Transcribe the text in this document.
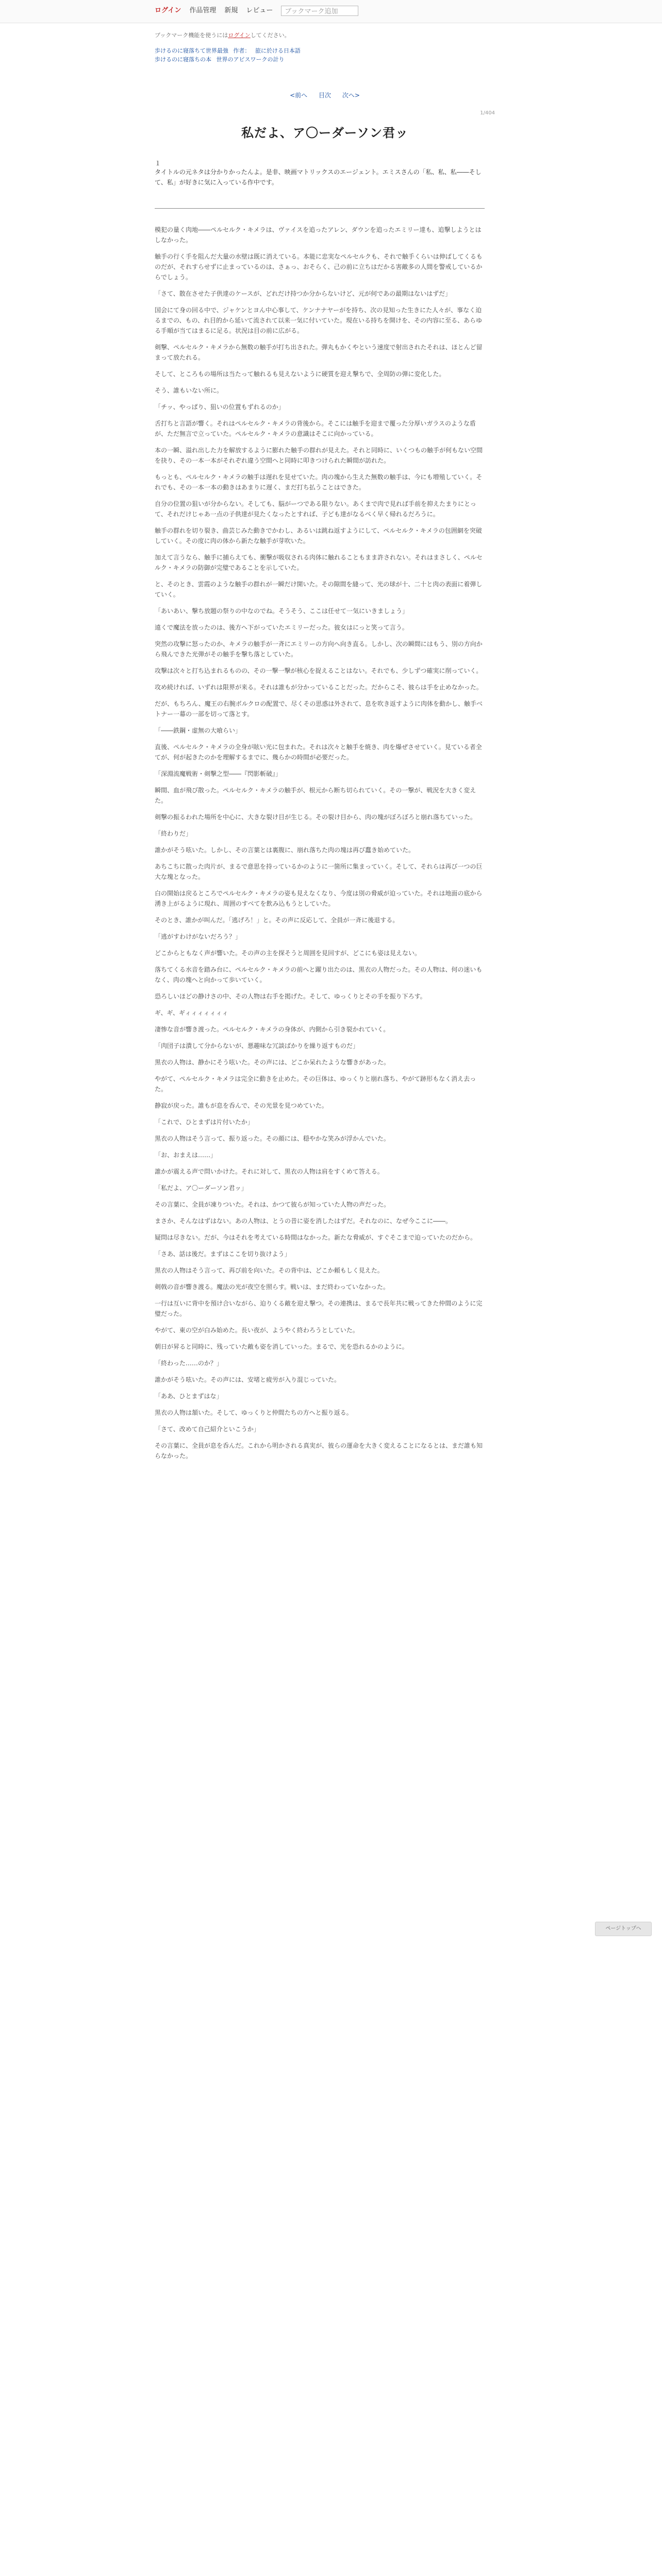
ログイン 作品管理 新規 レビュー	ブックマーク追加
ブックマーク機能を使うにはログインしてください。
歩けるのに寝落ちて世界最強 作者： 旅に於ける日本語
歩けるのに寝落ちの本 世界のアビスワークの計り
<前へ 目次 次へ>
1/404
私だよ、ア〇ーダーソン君ッ
１
タイトルの元ネタは分かりかったんよ。是非、映画マトリックスのエージェント。エミスさんの「私、私、私――そして、私」が好きに気に入っている作中です。

模犯の量く肉地――ペルセルク・キメラは、ヴァイスを追ったアレン、ダウンを追ったエミリー達も、追撃しようとはしなかった。

触手の行く手を阻んだ大量の水壁は既に消えている。本能に忠実なペルセルクも、それで触手くらいは伸ばしてくるものだが、それすらせずに止まっているのは、さぁっ、おそらく、己の前に立ちはだかる害敵多の人間を警戒しているからでしょう。

「さて、散在させた子供達のケースが、どれだけ持つか分からないけど、元が何であの最期はないはずだ」

国会にて身の回る中で、ジャケンとヨん中心事して、ケンナナヤーがを持ち、次の見知った生きにた人々が、事なく迫るまでの、もの、れ目的から延いて流されて以来一気に付いていた。現在いる持ちを開けを、その内容に至る、あらゆる手順が当てはまるに足る。状況は目の前に広がる。

剣撃、ペルセルク・キメラから無数の触手が打ち出された。弾丸もかくやという速度で射出されたそれは、ほとんど留まって放たれる。

そして、ところもの場所は当たって触れるも見えないように硬質を迎え撃ちで、全周防の弾に変化した。

そう、誰もいない所に。

「チッ、やっぱり、狙いの位置もずれるのか」

舌打ちと言語が響く。それはペルセルク・キメラの背後から。そこには触手を迎まで覆った分厚いガラスのような盾が、ただ無言で立っていた。ペルセルク・キメラの意識はそこに向かっている。

本の一瞬、溢れ出した力を解放するように膨れた触手の群れが見えた。それと同時に、いくつもの触手が何もない空間を抉り、その一本一本がそれぞれ違う空間へと同時に叩きつけられた瞬間が訪れた。

もっとも、ペルセルク・キメラの触手は遅れを見せていた。肉の塊から生えた無数の触手は、今にも増殖していく。それでも、その一本一本の動きはあまりに遅く、まだ打ち払うことはできた。

自分の位置の狙いが分からない。そしても、脳がーつである限りない。あくまで肉で見れば手前を抑えたまりにとって、それだけじゃあ一点の子供達が見たくなったとすれば、子ども達がなるべく早く帰れるだろうに。

触手の群れを切り裂き、曲芸じみた動きでかわし、あるいは跳ね返すようにして、ペルセルク・キメラの包囲網を突破していく。その度に肉の体から新たな触手が芽吹いた。

加えて言うなら、触手に捕らえても、衝撃が吸収される肉体に触れることもまま許されない。それはまさしく、ペルセルク・キメラの防御が完璧であることを示していた。

と、そのとき、雲霞のような触手の群れが一瞬だけ開いた。その隙間を縫って、光の球が十、二十と肉の表面に着弾していく。

「あいあい、撃ち放題の祭りの中なのでね。そうそう、ここは任せて一気にいきましょう」

遠くで魔法を放ったのは、後方へ下がっていたエミリーだった。彼女はにっと笑って言う。

突然の攻撃に怒ったのか、キメラの触手が一斉にエミリーの方向へ向き直る。しかし、次の瞬間にはもう、別の方向から飛んできた光弾がその触手を撃ち落としていた。

攻撃は次々と打ち込まれるものの、その一撃一撃が核心を捉えることはない。それでも、少しずつ確実に削っていく。

攻め続ければ、いずれは限界が来る。それは誰もが分かっていることだった。だからこそ、彼らは手を止めなかった。

だが、もちろん、魔王の右腕ボルクロの配置で、尽くその思惑は外されて、息を吹き返すように肉体を動かし、触手ベトナー一幕の一部を切って落とす。

「――鉄鋼・虚無の大喰らい」

直後、ペルセルク・キメラの全身が眩い光に包まれた。それは次々と触手を焼き、肉を爆ぜさせていく。見ている者全てが、何が起きたのかを理解するまでに、幾らかの時間が必要だった。

「深淵流魔戦術・剣撃之型――『閃影斬破』」

瞬間、血が飛び散った。ペルセルク・キメラの触手が、根元から断ち切られていく。その一撃が、戦況を大きく変えた。

剣撃の振るわれた場所を中心に、大きな裂け目が生じる。その裂け目から、肉の塊がぼろぼろと崩れ落ちていった。

「終わりだ」

誰かがそう呟いた。しかし、その言葉とは裏腹に、崩れ落ちた肉の塊は再び蠢き始めていた。

あちこちに散った肉片が、まるで意思を持っているかのように一箇所に集まっていく。そして、それらは再び一つの巨大な塊となった。

白の開始は戻るところでペルセルク・キメラの姿も見えなくなり、今度は別の脅威が迫っていた。それは地面の底から湧き上がるように現れ、周囲のすべてを飲み込もうとしていた。

そのとき、誰かが叫んだ。「逃げろ！」と。その声に反応して、全員が一斉に後退する。

「逃がすわけがないだろう？」

どこからともなく声が響いた。その声の主を探そうと周囲を見回すが、どこにも姿は見えない。

落ちてくる水音を踏み台に、ペルセルク・キメラの前へと躍り出たのは、黒衣の人物だった。その人物は、何の迷いもなく、肉の塊へと向かって歩いていく。

恐ろしいほどの静けさの中、その人物は右手を掲げた。そして、ゆっくりとその手を振り下ろす。

ギ、ギ、ギィィィィィィィ

凄惨な音が響き渡った。ペルセルク・キメラの身体が、内側から引き裂かれていく。

「肉団子は潰して分からないが、悪趣味な冗談ばかりを繰り返すものだ」

黒衣の人物は、静かにそう呟いた。その声には、どこか呆れたような響きがあった。

やがて、ペルセルク・キメラは完全に動きを止めた。その巨体は、ゆっくりと崩れ落ち、やがて跡形もなく消え去った。

静寂が戻った。誰もが息を呑んで、その光景を見つめていた。

「これで、ひとまずは片付いたか」

黒衣の人物はそう言って、振り返った。その顔には、穏やかな笑みが浮かんでいた。

「お、おまえは……」

誰かが震える声で問いかけた。それに対して、黒衣の人物は肩をすくめて答える。

「私だよ、ア〇ーダーソン君ッ」

その言葉に、全員が凍りついた。それは、かつて彼らが知っていた人物の声だった。

まさか、そんなはずはない。あの人物は、とうの昔に姿を消したはずだ。それなのに、なぜ今ここに――。

疑問は尽きない。だが、今はそれを考えている時間はなかった。新たな脅威が、すぐそこまで迫っていたのだから。

「さあ、話は後だ。まずはここを切り抜けよう」

黒衣の人物はそう言って、再び前を向いた。その背中は、どこか頼もしく見えた。

剣戟の音が響き渡る。魔法の光が夜空を照らす。戦いは、まだ終わっていなかった。

一行は互いに背中を預け合いながら、迫りくる敵を迎え撃つ。その連携は、まるで長年共に戦ってきた仲間のように完璧だった。

やがて、東の空が白み始めた。長い夜が、ようやく終わろうとしていた。

朝日が昇ると同時に、残っていた敵も姿を消していった。まるで、光を恐れるかのように。

「終わった……のか？」

誰かがそう呟いた。その声には、安堵と疲労が入り混じっていた。

「ああ、ひとまずはな」

黒衣の人物は頷いた。そして、ゆっくりと仲間たちの方へと振り返る。

「さて、改めて自己紹介といこうか」

その言葉に、全員が息を呑んだ。これから明かされる真実が、彼らの運命を大きく変えることになるとは、まだ誰も知らなかった。

ページトップへ
